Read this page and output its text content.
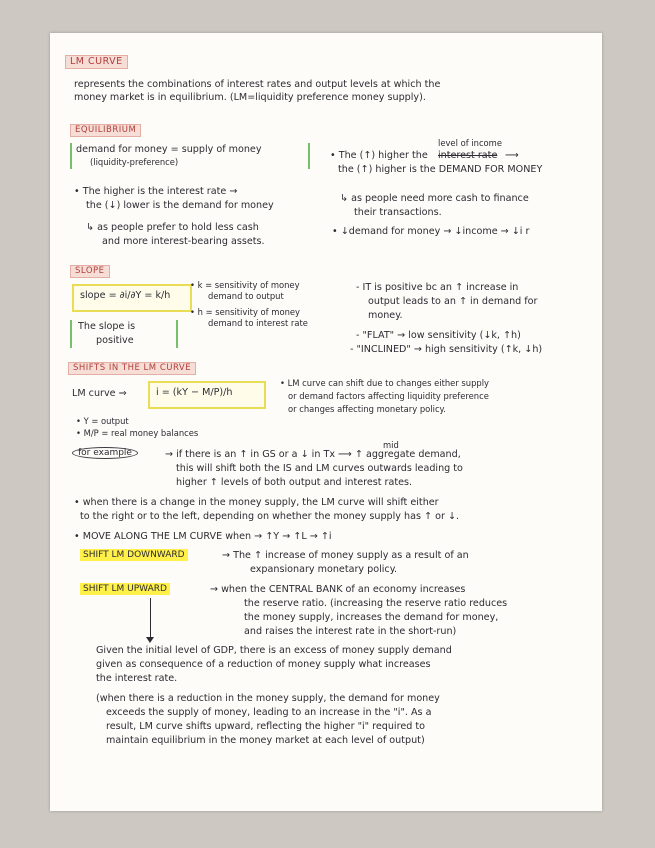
LM CURVE
represents the combinations of interest rates and output levels at which the
money market is in equilibrium. (LM=liquidity preference money supply).
EQUILIBRIUM
demand for money = supply of money
(liquidity-preference)
• The higher is the interest rate →
the (↓) lower is the demand for money
↳ as people prefer to hold less cash
and more interest-bearing assets.
level of income
• The (↑) higher the interest rate ⟶
the (↑) higher is the DEMAND FOR MONEY
↳ as people need more cash to finance
their transactions.
• ↓demand for money → ↓income → ↓i r
SLOPE
slope = ∂i/∂Y = k/h
• k = sensitivity of money
demand to output
• h = sensitivity of money
demand to interest rate
The slope is
positive
- IT is positive bc an ↑ increase in
output leads to an ↑ in demand for
money.
- "FLAT" → low sensitivity (↓k, ↑h)
- "INCLINED" → high sensitivity (↑k, ↓h)
SHIFTS IN THE LM CURVE
LM curve ⇒	i = (kY − M/P)/h
• Y = output
• M/P = real money balances
• LM curve can shift due to changes either supply
or demand factors affecting liquidity preference
or changes affecting monetary policy.
for example
mid
→ if there is an ↑ in GS or a ↓ in Tx ⟶ ↑ aggregate demand,
this will shift both the IS and LM curves outwards leading to
higher ↑ levels of both output and interest rates.
• when there is a change in the money supply, the LM curve will shift either
to the right or to the left, depending on whether the money supply has ↑ or ↓.
• MOVE ALONG THE LM CURVE when → ↑Y → ↑L → ↑i
SHIFT LM DOWNWARD	→ The ↑ increase of money supply as a result of an
expansionary monetary policy.
SHIFT LM UPWARD	→ when the CENTRAL BANK of an economy increases
the reserve ratio. (increasing the reserve ratio reduces
the money supply, increases the demand for money,
and raises the interest rate in the short-run)
Given the initial level of GDP, there is an excess of money supply demand
given as consequence of a reduction of money supply what increases
the interest rate.
(when there is a reduction in the money supply, the demand for money
exceeds the supply of money, leading to an increase in the "i". As a
result, LM curve shifts upward, reflecting the higher "i" required to
maintain equilibrium in the money market at each level of output)
